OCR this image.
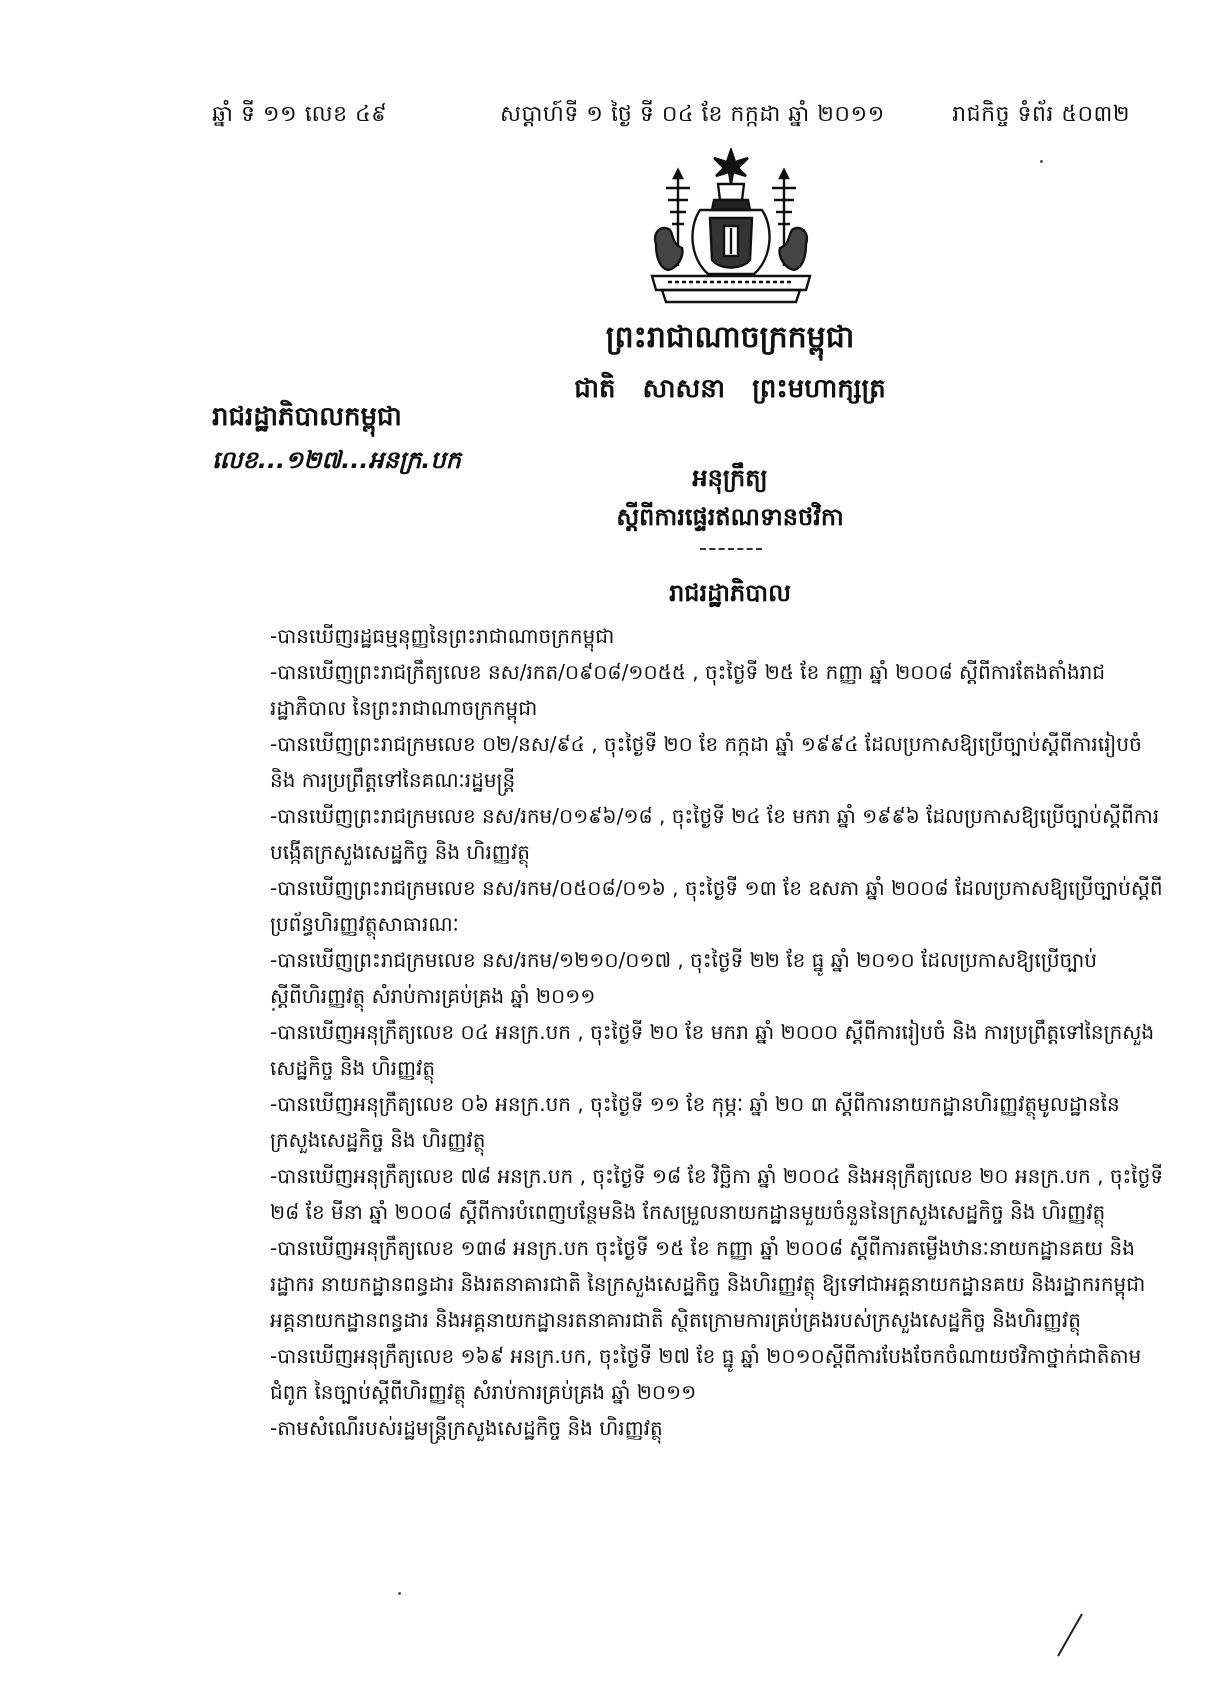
ឆ្នាំ ទី ១១ លេខ ៤៩	សប្តាហ៍ទី ១ ថ្ងៃ ទី ០៤ ខែ កក្កដា ឆ្នាំ ២០១១	រាជកិច្ច ទំព័រ ៥០៣២
ព្រះរាជាណាចក្រកម្ពុជា
ជាតិ សាសនា ព្រះមហាក្សត្រ
រាជរដ្ឋាភិបាលកម្ពុជា
លេខ...១២៧...អនក្រ.បក
អនុក្រឹត្យ
ស្តីពីការផ្ទេរឥណទានថវិកា
រាជរដ្ឋាភិបាល

-បានឃើញរដ្ឋធម្មនុញ្ញនៃព្រះរាជាណាចក្រកម្ពុជា

-បានឃើញព្រះរាជក្រឹត្យលេខ នស/រកត/០៩០៨/១០៥៥ , ចុះថ្ងៃទី ២៥ ខែ កញ្ញា ឆ្នាំ ២០០៨ ស្តីពីការតែងតាំងរាជរដ្ឋាភិបាល នៃព្រះរាជាណាចក្រកម្ពុជា

-បានឃើញព្រះរាជក្រមលេខ ០២/នស/៩៤ , ចុះថ្ងៃទី ២០ ខែ កក្កដា ឆ្នាំ ១៩៩៤ ដែលប្រកាសឱ្យប្រើច្បាប់ស្តីពីការរៀបចំ និង ការប្រព្រឹត្តទៅនៃគណៈរដ្ឋមន្ត្រី

-បានឃើញព្រះរាជក្រមលេខ នស/រកម/០១៩៦/១៨ , ចុះថ្ងៃទី ២៤ ខែ មករា ឆ្នាំ ១៩៩៦ ដែលប្រកាសឱ្យប្រើច្បាប់ស្តីពីការបង្កើតក្រសួងសេដ្ឋកិច្ច និង ហិរញ្ញវត្ថុ

-បានឃើញព្រះរាជក្រមលេខ នស/រកម/០៥០៨/០១៦ , ចុះថ្ងៃទី ១៣ ខែ ឧសភា ឆ្នាំ ២០០៨ ដែលប្រកាសឱ្យប្រើច្បាប់ស្តីពីប្រព័ន្ធហិរញ្ញវត្ថុសាធារណៈ

-បានឃើញព្រះរាជក្រមលេខ នស/រកម/១២១០/០១៧ , ចុះថ្ងៃទី ២២ ខែ ធ្នូ ឆ្នាំ ២០១០ ដែលប្រកាសឱ្យប្រើច្បាប់ស្តីពីហិរញ្ញវត្ថុ សំរាប់ការគ្រប់គ្រង ឆ្នាំ ២០១១

-បានឃើញអនុក្រឹត្យលេខ ០៤ អនក្រ.បក , ចុះថ្ងៃទី ២០ ខែ មករា ឆ្នាំ ២០០០ ស្តីពីការរៀបចំ និង ការប្រព្រឹត្តទៅនៃក្រសួងសេដ្ឋកិច្ច និង ហិរញ្ញវត្ថុ

-បានឃើញអនុក្រឹត្យលេខ ០៦ អនក្រ.បក , ចុះថ្ងៃទី ១១ ខែ កុម្ភៈ ឆ្នាំ ២០ ៣ ស្តីពីការនាយកដ្ឋានហិរញ្ញវត្ថុមូលដ្ឋាននៃក្រសួងសេដ្ឋកិច្ច និង ហិរញ្ញវត្ថុ

-បានឃើញអនុក្រឹត្យលេខ ៧៨ អនក្រ.បក , ចុះថ្ងៃទី ១៨ ខែ វិច្ឆិកា ឆ្នាំ ២០០៤ និងអនុក្រឹត្យលេខ ២០ អនក្រ.បក , ចុះថ្ងៃទី ២៨ ខែ មីនា ឆ្នាំ ២០០៨ ស្តីពីការបំពេញបន្ថែមនិង កែសម្រួលនាយកដ្ឋានមួយចំនួននៃក្រសួងសេដ្ឋកិច្ច និង ហិរញ្ញវត្ថុ

-បានឃើញអនុក្រឹត្យលេខ ១៣៨ អនក្រ.បក ចុះថ្ងៃទី ១៥ ខែ កញ្ញា ឆ្នាំ ២០០៨ ស្តីពីការតម្លើងឋានៈនាយកដ្ឋានគយ និងរដ្ឋាករ នាយកដ្ឋានពន្ធដារ និងរតនាគារជាតិ នៃក្រសួងសេដ្ឋកិច្ច និងហិរញ្ញវត្ថុ ឱ្យទៅជាអគ្គនាយកដ្ឋានគយ និងរដ្ឋាករកម្ពុជា អគ្គនាយកដ្ឋានពន្ធដារ និងអគ្គនាយកដ្ឋានរតនាគារជាតិ ស្ថិតក្រោមការគ្រប់គ្រងរបស់ក្រសួងសេដ្ឋកិច្ច និងហិរញ្ញវត្ថុ

-បានឃើញអនុក្រឹត្យលេខ ១៦៩ អនក្រ.បក, ចុះថ្ងៃទី ២៧ ខែ ធ្នូ ឆ្នាំ ២០១០ស្តីពីការបែងចែកចំណាយថវិកាថ្នាក់ជាតិតាមជំពូក នៃច្បាប់ស្តីពីហិរញ្ញវត្ថុ សំរាប់ការគ្រប់គ្រង ឆ្នាំ ២០១១

-តាមសំណើរបស់រដ្ឋមន្ត្រីក្រសួងសេដ្ឋកិច្ច និង ហិរញ្ញវត្ថុ
